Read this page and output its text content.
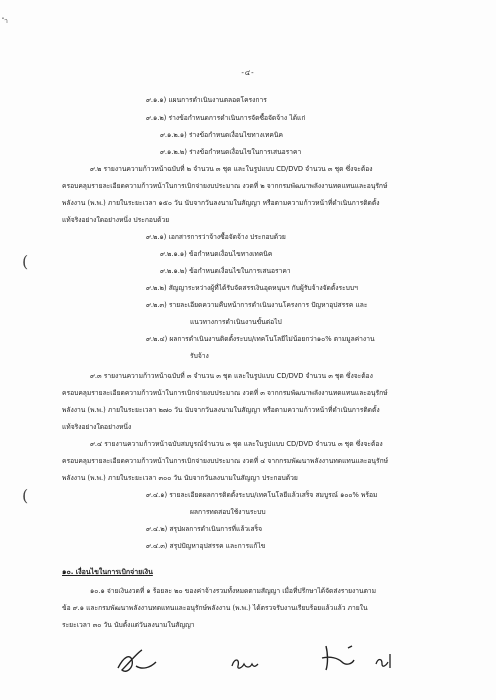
ำ
-๔-
๙.๑.๑) แผนการดำเนินงานตลอดโครงการ
๙.๑.๒) ร่างข้อกำหนดการดำเนินการจัดซื้อจัดจ้าง ได้แก่
๙.๑.๒.๑) ร่างข้อกำหนดเงื่อนไขทางเทคนิค
๙.๑.๒.๒) ร่างข้อกำหนดเงื่อนไขในการเสนอราคา
๙.๒ รายงานความก้าวหน้าฉบับที่ ๒ จำนวน ๓ ชุด และในรูปแบบ CD/DVD จำนวน ๓ ชุด ซึ่งจะต้อง
ครอบคลุมรายละเอียดความก้าวหน้าในการเบิกจ่ายงบประมาณ งวดที่ ๒ จากกรมพัฒนาพลังงานทดแทนและอนุรักษ์
พลังงาน (พ.พ.) ภายในระยะเวลา ๑๕๐ วัน นับจากวันลงนามในสัญญา หรือตามความก้าวหน้าที่ดำเนินการติดตั้ง
แท้จริงอย่างใดอย่างหนึ่ง ประกอบด้วย
๙.๒.๑) เอกสารการว่าจ้างซื้อจัดจ้าง ประกอบด้วย
๙.๒.๑.๑) ข้อกำหนดเงื่อนไขทางเทคนิค
๙.๒.๑.๒) ข้อกำหนดเงื่อนไขในการเสนอราคา
๙.๒.๒) สัญญาระหว่างผู้ที่ได้รับจัดสรรเงินอุดหนุนฯ กับผู้รับจ้างจัดตั้งระบบฯ
๙.๒.๓) รายละเอียดความคืบหน้าการดำเนินงานโครงการ ปัญหาอุปสรรค และ
แนวทางการดำเนินงานขั้นต่อไป
๙.๒.๔) ผลการดำเนินงานติดตั้งระบบ/เทคโนโลยีไม่น้อยกว่า๑๐% ตามมูลค่างาน
รับจ้าง
๙.๓ รายงานความก้าวหน้าฉบับที่ ๓ จำนวน ๓ ชุด และในรูปแบบ CD/DVD จำนวน ๓ ชุด ซึ่งจะต้อง
ครอบคลุมรายละเอียดความก้าวหน้าในการเบิกจ่ายงบประมาณ งวดที่ ๓ จากกรมพัฒนาพลังงานทดแทนและอนุรักษ์
พลังงาน (พ.พ.) ภายในระยะเวลา ๒๗๐ วัน นับจากวันลงนามในสัญญา หรือตามความก้าวหน้าที่ดำเนินการติดตั้ง
แท้จริงอย่างใดอย่างหนึ่ง
๙.๔ รายงานความก้าวหน้าฉบับสมบูรณ์จำนวน ๓ ชุด และในรูปแบบ CD/DVD จำนวน ๓ ชุด ซึ่งจะต้อง
ครอบคลุมรายละเอียดความก้าวหน้าในการเบิกจ่ายงบประมาณ งวดที่ ๔ จากกรมพัฒนาพลังงานทดแทนและอนุรักษ์
พลังงาน (พ.พ.) ภายในระยะเวลา ๓๐๐ วัน นับจากวันลงนามในสัญญา ประกอบด้วย
๙.๔.๑) รายละเอียดผลการติดตั้งระบบ/เทคโนโลยีแล้วเสร็จ สมบูรณ์ ๑๐๐% พร้อม
ผลการทดสอบใช้งานระบบ
๙.๔.๒) สรุปผลการดำเนินการที่แล้วเสร็จ
๙.๔.๓) สรุปปัญหาอุปสรรค และการแก้ไข
๑๐. เงื่อนไขในการเบิกจ่ายเงิน
๑๐.๑ จ่ายเงินงวดที่ ๑ ร้อยละ ๒๐ ของค่าจ้างรวมทั้งหมดตามสัญญา เมื่อที่ปรึกษาได้จัดส่งรายงานตาม
ข้อ ๙.๑ และกรมพัฒนาพลังงานทดแทนและอนุรักษ์พลังงาน (พ.พ.) ได้ตรวจรับงานเรียบร้อยแล้วแล้ว ภายใน
ระยะเวลา ๓๐ วัน นับตั้งแต่วันลงนามในสัญญา
(
(
